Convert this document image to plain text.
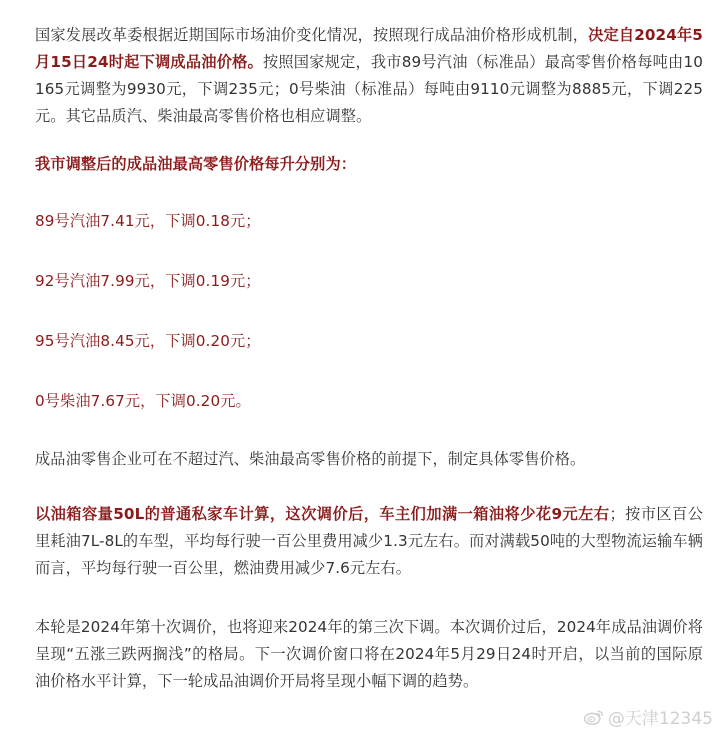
国家发展改革委根据近期国际市场油价变化情况，按照现行成品油价格形成机制，决定自2024年5月15日24时起下调成品油价格。按照国家规定，我市89号汽油（标准品）最高零售价格每吨由10165元调整为9930元，下调235元；0号柴油（标准品）每吨由9110元调整为8885元，下调225元。其它品质汽、柴油最高零售价格也相应调整。

我市调整后的成品油最高零售价格每升分别为：

89号汽油7.41元，下调0.18元；

92号汽油7.99元，下调0.19元；

95号汽油8.45元，下调0.20元；

0号柴油7.67元，下调0.20元。

成品油零售企业可在不超过汽、柴油最高零售价格的前提下，制定具体零售价格。

以油箱容量50L的普通私家车计算，这次调价后，车主们加满一箱油将少花9元左右；按市区百公里耗油7L-8L的车型，平均每行驶一百公里费用减少1.3元左右。而对满载50吨的大型物流运输车辆而言，平均每行驶一百公里，燃油费用减少7.6元左右。

本轮是2024年第十次调价，也将迎来2024年的第三次下调。本次调价过后，2024年成品油调价将呈现“五涨三跌两搁浅”的格局。下一次调价窗口将在2024年5月29日24时开启，以当前的国际原油价格水平计算，下一轮成品油调价开局将呈现小幅下调的趋势。

@天津12345
